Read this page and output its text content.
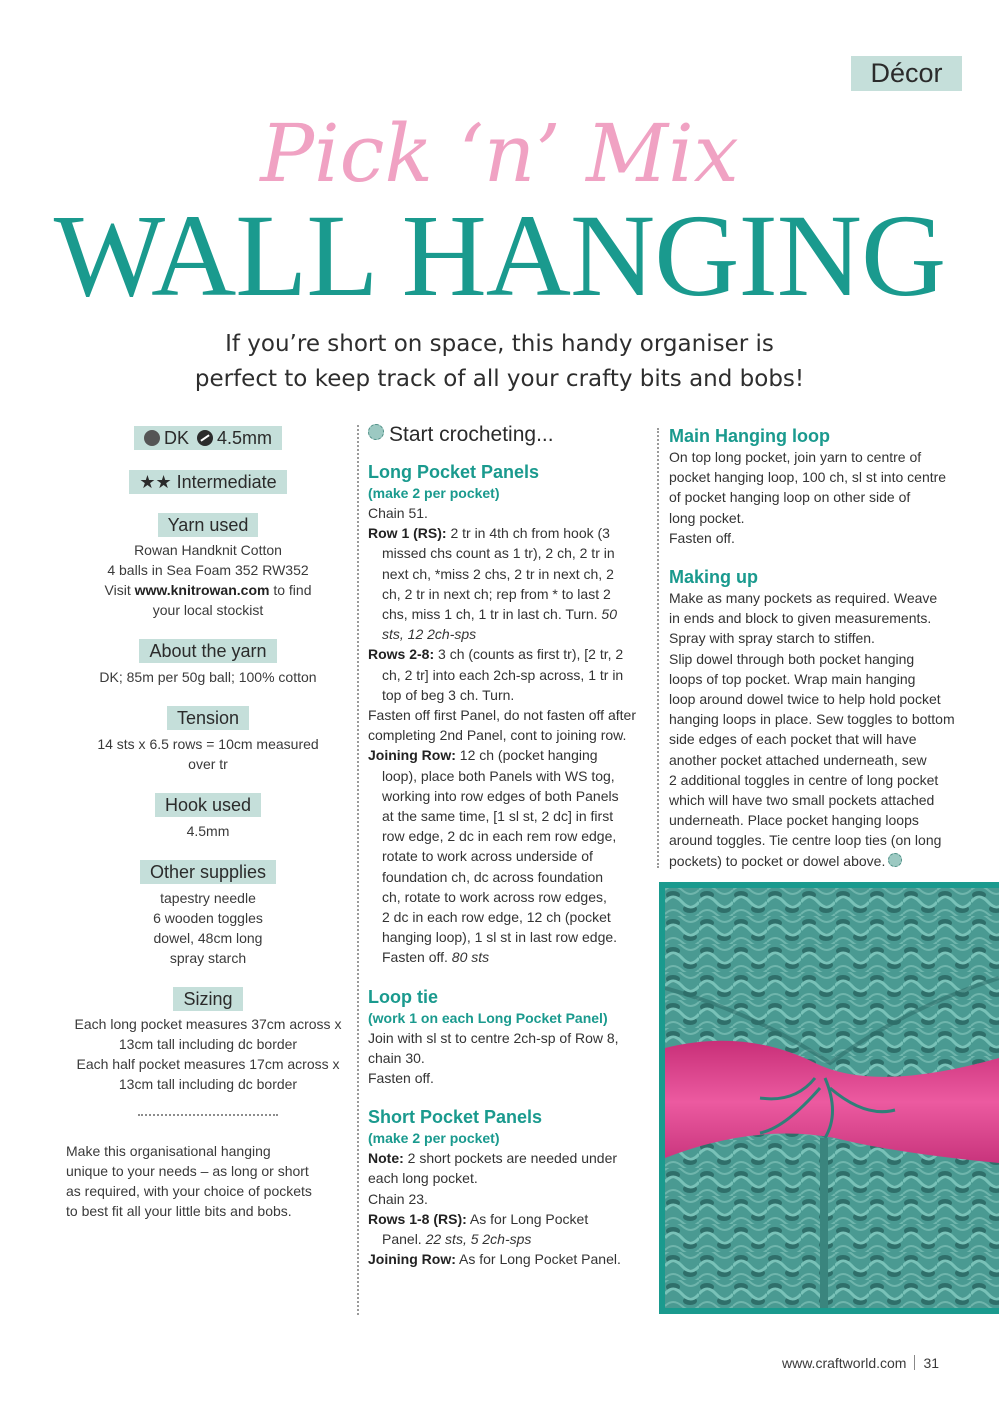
Décor
Pick ‘n’ Mix
WALL HANGING
If you’re short on space, this handy organiser is
perfect to keep track of all your crafty bits and bobs!
DK 4.5mm
★★ Intermediate
Yarn used

Rowan Handknit Cotton

4 balls in Sea Foam 352 RW352

Visit www.knitrowan.com to find

your local stockist

About the yarn

DK; 85m per 50g ball; 100% cotton

Tension

14 sts x 6.5 rows = 10cm measured

over tr

Hook used

4.5mm

Other supplies

tapestry needle

6 wooden toggles

dowel, 48cm long

spray starch

Sizing

Each long pocket measures 37cm across x

13cm tall including dc border

Each half pocket measures 17cm across x

13cm tall including dc border

Make this organisational hanging
unique to your needs – as long or short
as required, with your choice of pockets
to best fit all your little bits and bobs.
Start crocheting...

Long Pocket Panels

(make 2 per pocket)

Chain 51.

Row 1 (RS): 2 tr in 4th ch from hook (3
missed chs count as 1 tr), 2 ch, 2 tr in
next ch, *miss 2 chs, 2 tr in next ch, 2
ch, 2 tr in next ch; rep from * to last 2
chs, miss 1 ch, 1 tr in last ch. Turn. 50
sts, 12 2ch-sps
Rows 2-8: 3 ch (counts as first tr), [2 tr, 2
ch, 2 tr] into each 2ch-sp across, 1 tr in
top of beg 3 ch. Turn.

Fasten off first Panel, do not fasten off after

completing 2nd Panel, cont to joining row.

Joining Row: 12 ch (pocket hanging
loop), place both Panels with WS tog,
working into row edges of both Panels
at the same time, [1 sl st, 2 dc] in first
row edge, 2 dc in each rem row edge,
rotate to work across underside of
foundation ch, dc across foundation
ch, rotate to work across row edges,
2 dc in each row edge, 12 ch (pocket
hanging loop), 1 sl st in last row edge.
Fasten off. 80 sts

Loop tie

(work 1 on each Long Pocket Panel)

Join with sl st to centre 2ch-sp of Row 8,

chain 30.

Fasten off.

Short Pocket Panels

(make 2 per pocket)

Note: 2 short pockets are needed under
each long pocket.

Chain 23.

Rows 1-8 (RS): As for Long Pocket
Panel. 22 sts, 5 2ch-sps

Joining Row: As for Long Pocket Panel.

Main Hanging loop

On top long pocket, join yarn to centre of

pocket hanging loop, 100 ch, sl st into centre

of pocket hanging loop on other side of

long pocket.

Fasten off.

Making up

Make as many pockets as required. Weave

in ends and block to given measurements.

Spray with spray starch to stiffen.

Slip dowel through both pocket hanging

loops of top pocket. Wrap main hanging

loop around dowel twice to help hold pocket

hanging loops in place. Sew toggles to bottom

side edges of each pocket that will have

another pocket attached underneath, sew

2 additional toggles in centre of long pocket

which will have two small pockets attached

underneath. Place pocket hanging loops

around toggles. Tie centre loop ties (on long

pockets) to pocket or dowel above.

www.craftworld.com 31
